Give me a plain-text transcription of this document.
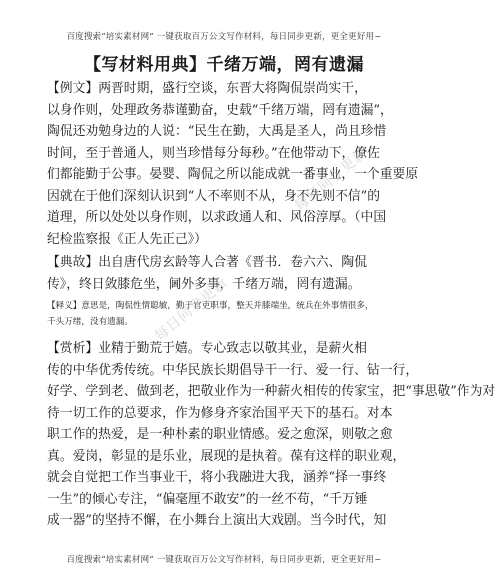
百度搜索“培实素材网” 一键获取百万公文写作材料，每日同步更新，更全更好用~
【写材料用典】千绪万端，罔有遗漏
【例文】两晋时期，盛行空谈，东晋大将陶侃崇尚实干，
以身作则，处理政务恭谨勤奋，史载“千绪万端，罔有遗漏”，
陶侃还劝勉身边的人说：“民生在勤，大禹是圣人，尚且珍惜
时间，至于普通人，则当珍惜每分每秒。”在他带动下，僚佐
们都能勤于公事。晏婴、陶侃之所以能成就一番事业，一个重要原
因就在于他们深刻认识到“人不率则不从，身不先则不信”的
道理，所以处处以身作则，以求政通人和、风俗淳厚。（中国
纪检监察报《正人先正己》）
【典故】出自唐代房玄龄等人合著《晋书．卷六六、陶侃
传》，终日敛膝危坐，阃外多事，千绪万端，罔有遗漏。
【释义】意思是，陶侃性情聪敏，勤于官吏职事，整天并膝端坐，统兵在外事情很多，
千头万绪，没有遗漏。
【赏析】业精于勤荒于嬉。专心致志以敬其业，是薪火相
传的中华优秀传统。中华民族长期倡导干一行、爱一行、钻一行，
好学、学到老、做到老，把敬业作为一种薪火相传的传家宝，把“事思敬”作为对
待一切工作的总要求，作为修身齐家治国平天下的基石。对本
职工作的热爱，是一种朴素的职业情感。爱之愈深，则敬之愈
真。爱岗，彰显的是乐业，展现的是执着。葆有这样的职业观，
就会自觉把工作当事业干，将小我融进大我，涵养“择一事终
一生”的倾心专注，“偏毫厘不敢安”的一丝不苟，“千万锤
成一器”的坚持不懈，在小舞台上演出大戏剧。当今时代，知
每日同步更新
每日同步更新
百度搜索“培实素材网” 一键获取百万公文写作材料，每日同步更新，更全更好用~
